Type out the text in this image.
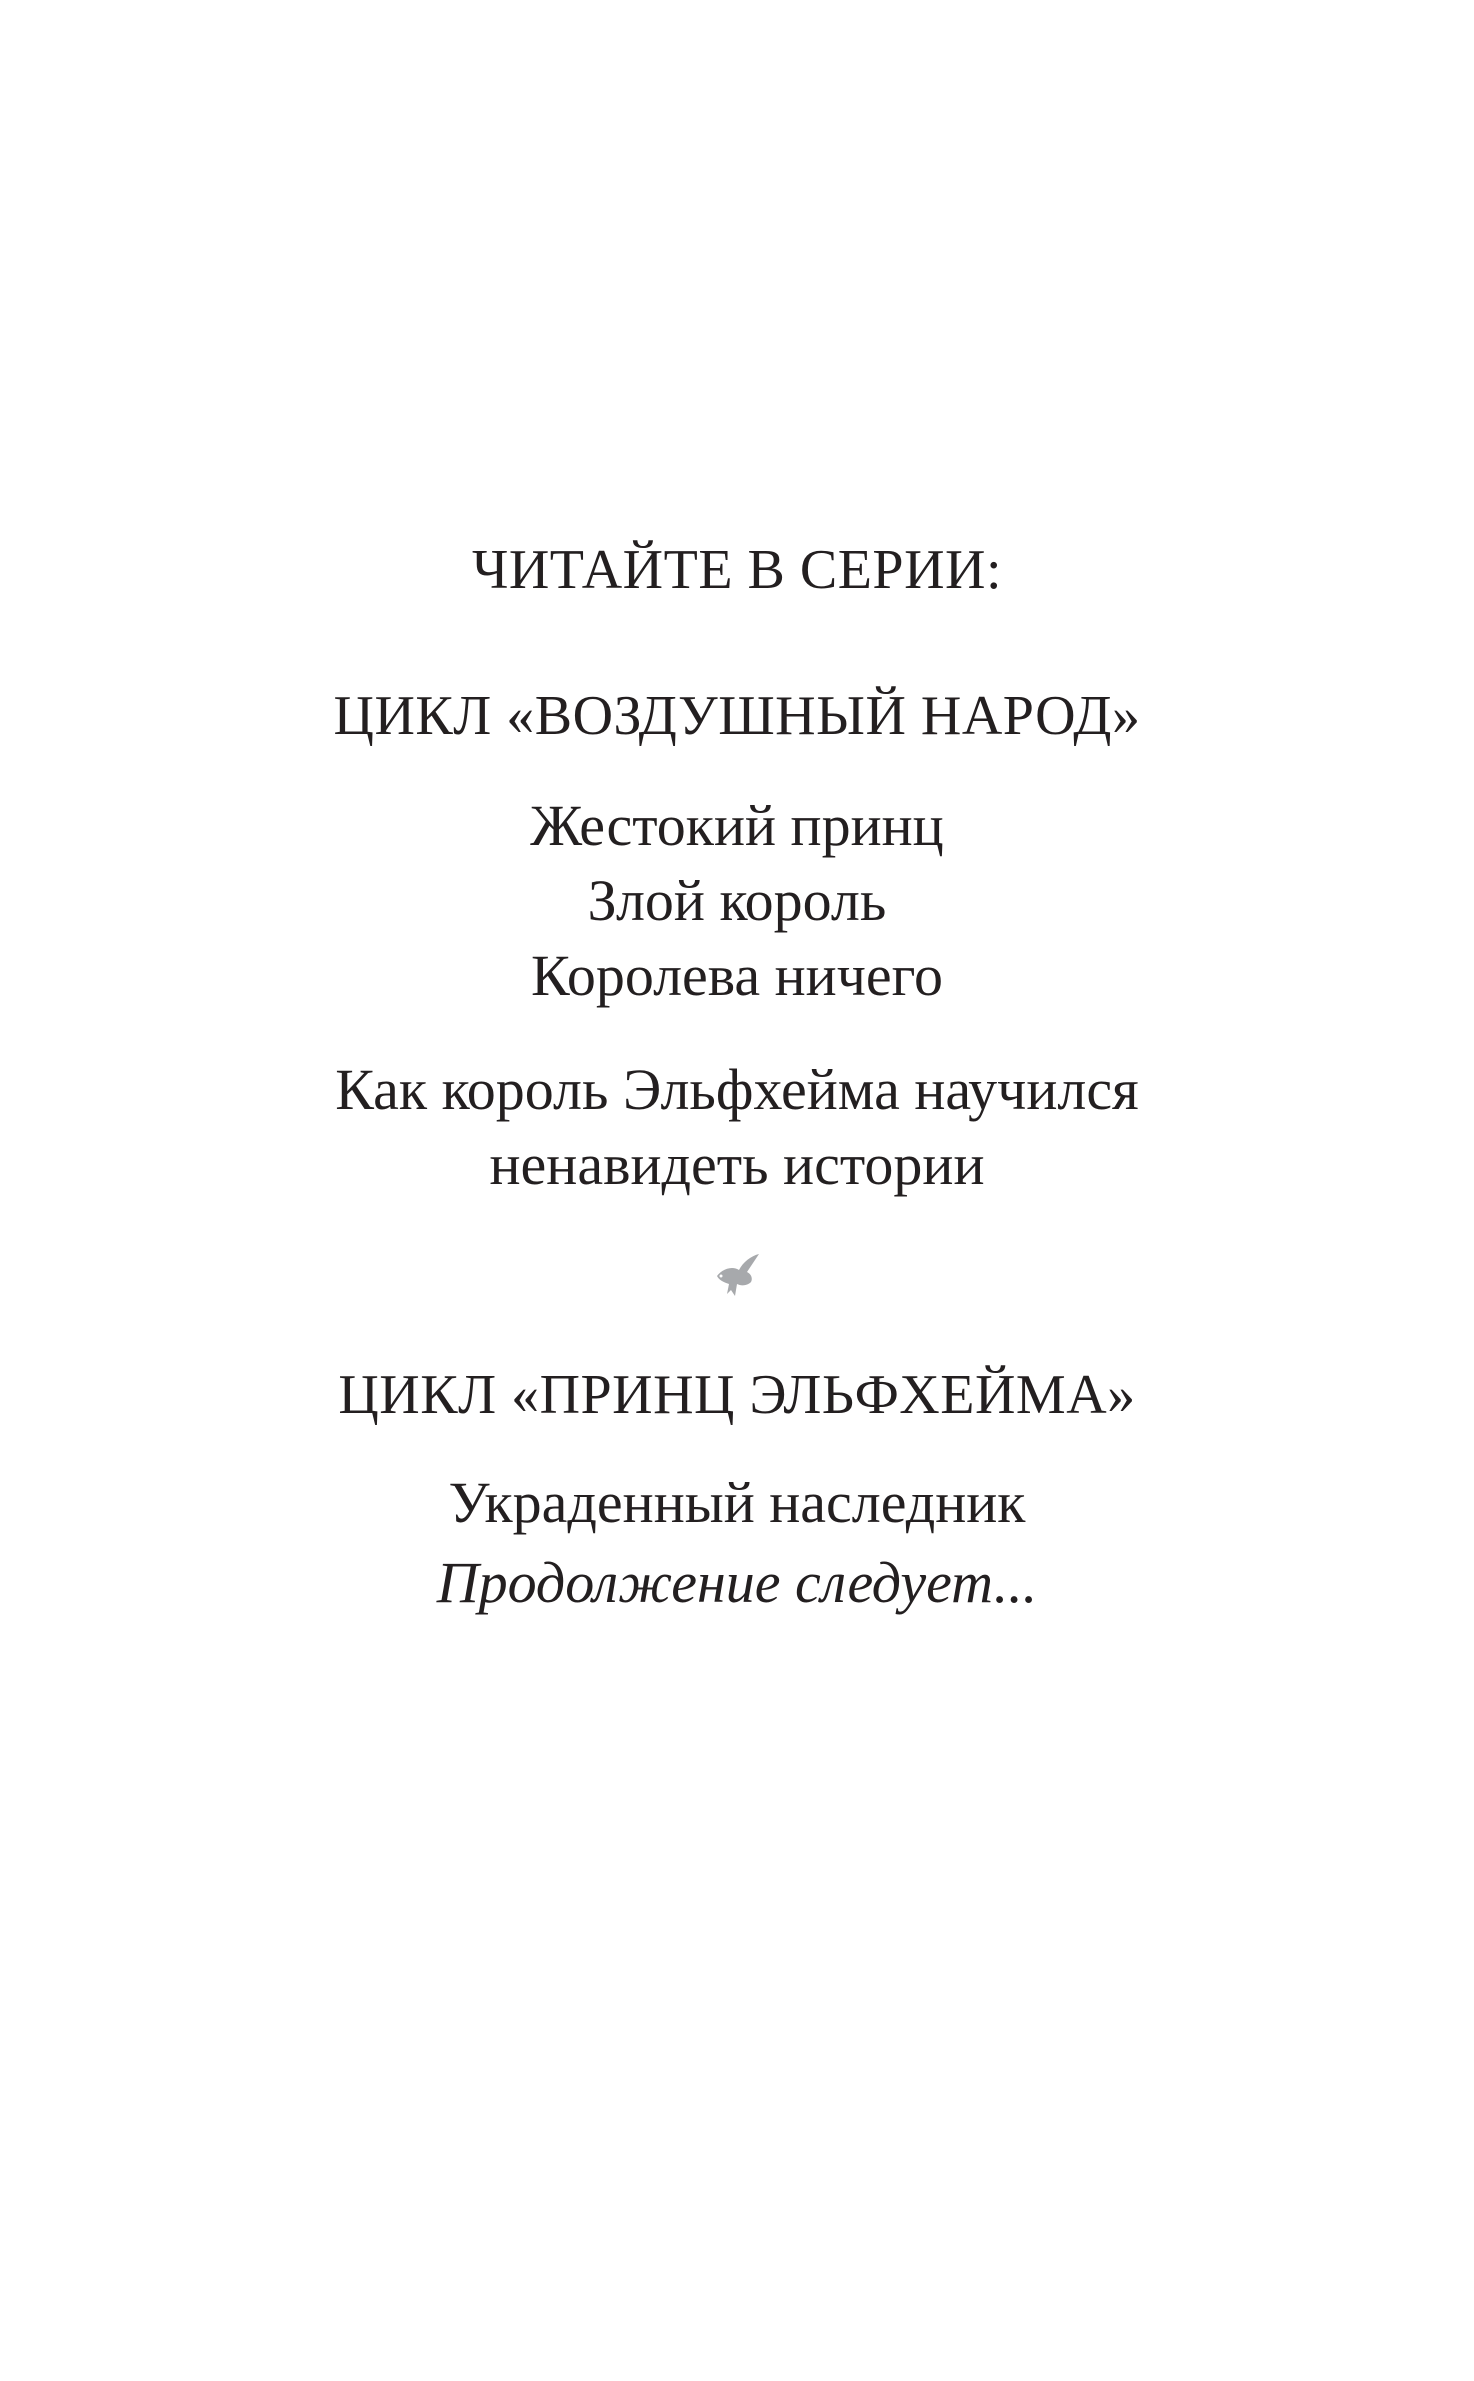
ЧИТАЙТЕ В СЕРИИ:
ЦИКЛ «ВОЗДУШНЫЙ НАРОД»
Жестокий принц
Злой король
Королева ничего
Как король Эльфхейма научился
ненавидеть истории
ЦИКЛ «ПРИНЦ ЭЛЬФХЕЙМА»
Украденный наследник
Продолжение следует...
